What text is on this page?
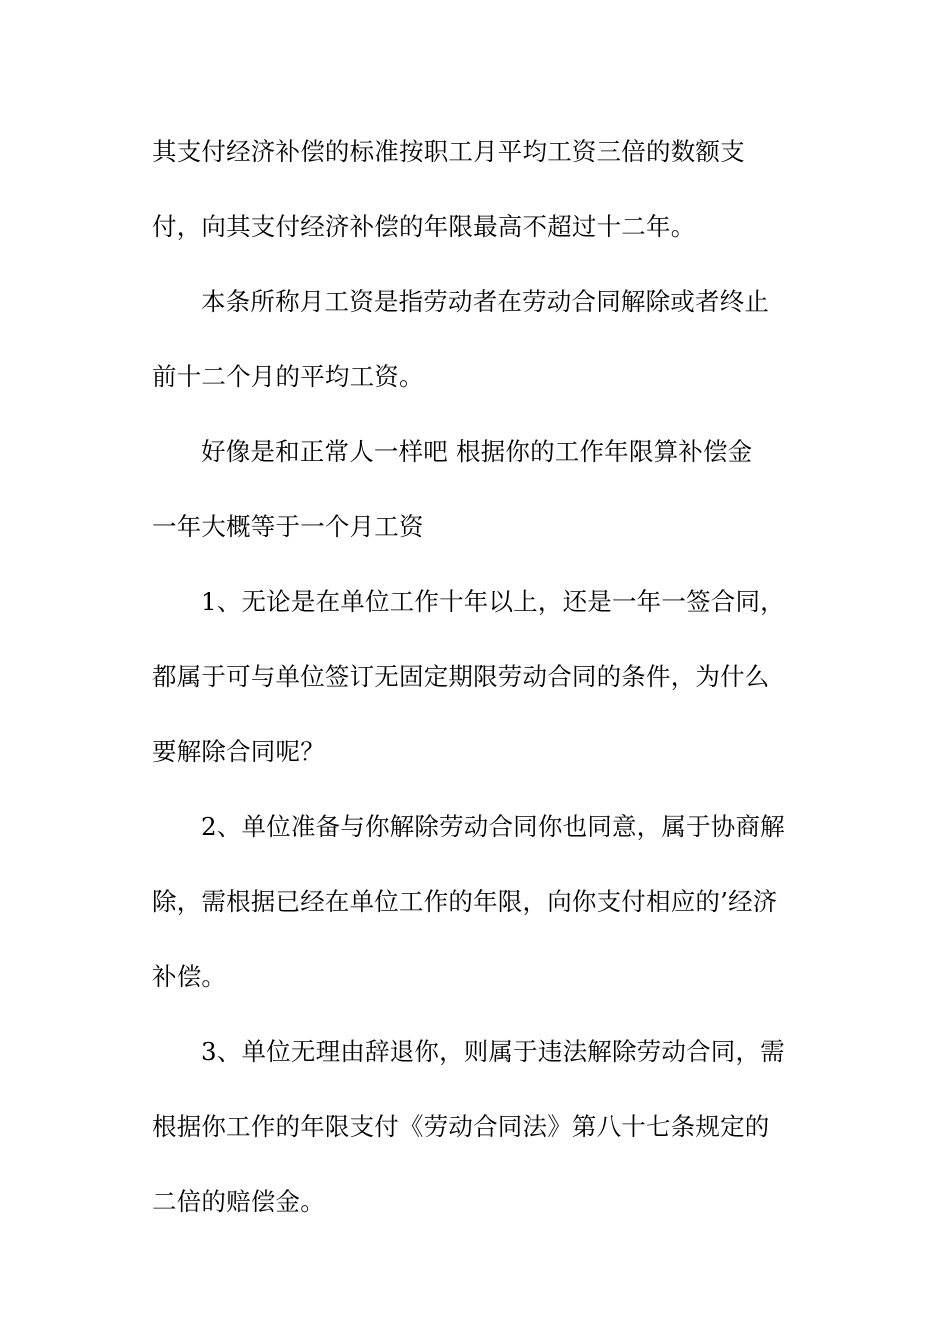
其支付经济补偿的标准按职工月平均工资三倍的数额支
付，向其支付经济补偿的年限最高不超过十二年。
本条所称月工资是指劳动者在劳动合同解除或者终止
前十二个月的平均工资。
好像是和正常人一样吧 根据你的工作年限算补偿金
一年大概等于一个月工资
1、无论是在单位工作十年以上，还是一年一签合同，
都属于可与单位签订无固定期限劳动合同的条件，为什么
要解除合同呢？
2、单位准备与你解除劳动合同你也同意，属于协商解
除，需根据已经在单位工作的年限，向你支付相应的’经济
补偿。
3、单位无理由辞退你，则属于违法解除劳动合同，需
根据你工作的年限支付《劳动合同法》第八十七条规定的
二倍的赔偿金。
